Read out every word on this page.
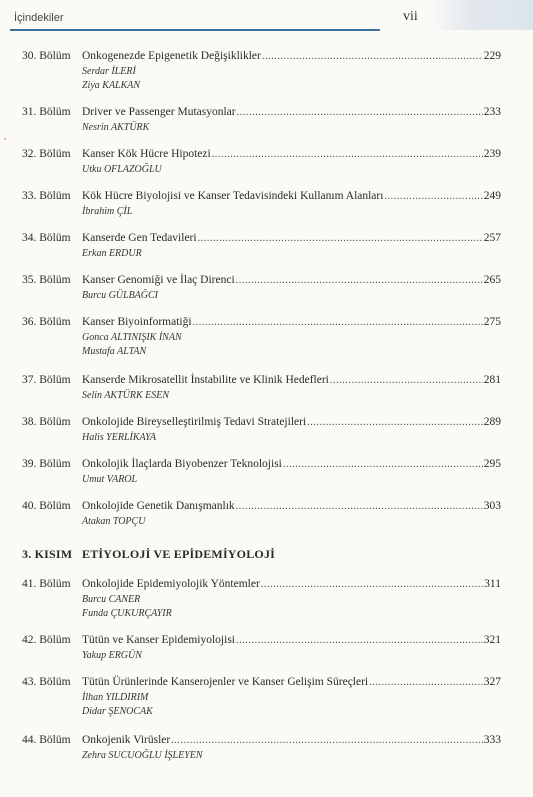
İçindekiler	vii
30. Bölüm Onkogenezde Epigenetik Değişiklikler .....	229
Serdar İLERİ
Ziya KALKAN
31. Bölüm Driver ve Passenger Mutasyonlar .....	233
Nesrin AKTÜRK
32. Bölüm Kanser Kök Hücre Hipotezi .....	239
Utku OFLAZOĞLU
33. Bölüm Kök Hücre Biyolojisi ve Kanser Tedavisindeki Kullanım Alanları .....	249
İbrahim ÇİL
34. Bölüm Kanserde Gen Tedavileri .....	257
Erkan ERDUR
35. Bölüm Kanser Genomiği ve İlaç Direnci .....	265
Burcu GÜLBAĞCI
36. Bölüm Kanser Biyoinformatiği .....	275
Gonca ALTINIŞIK İNAN
Mustafa ALTAN
37. Bölüm Kanserde Mikrosatellit İnstabilite ve Klinik Hedefleri .....	281
Selin AKTÜRK ESEN
38. Bölüm Onkolojide Bireyselleştirilmiş Tedavi Stratejileri .....	289
Halis YERLİKAYA
39. Bölüm Onkolojik İlaçlarda Biyobenzer Teknolojisi .....	295
Umut VAROL
40. Bölüm Onkolojide Genetik Danışmanlık .....	303
Atakan TOPÇU
41. Bölüm Onkolojide Epidemiyolojik Yöntemler .....	311
Burcu CANER
Funda ÇUKURÇAYIR
42. Bölüm Tütün ve Kanser Epidemiyolojisi .....	321
Yakup ERGÜN
43. Bölüm Tütün Ürünlerinde Kanserojenler ve Kanser Gelişim Süreçleri .....	327
İlhan YILDIRIM
Didar ŞENOCAK
44. Bölüm Onkojenik Virüsler .....	333
Zehra SUCUOĞLU İŞLEYEN
3. KISIM ETİYOLOJİ VE EPİDEMİYOLOJİ
